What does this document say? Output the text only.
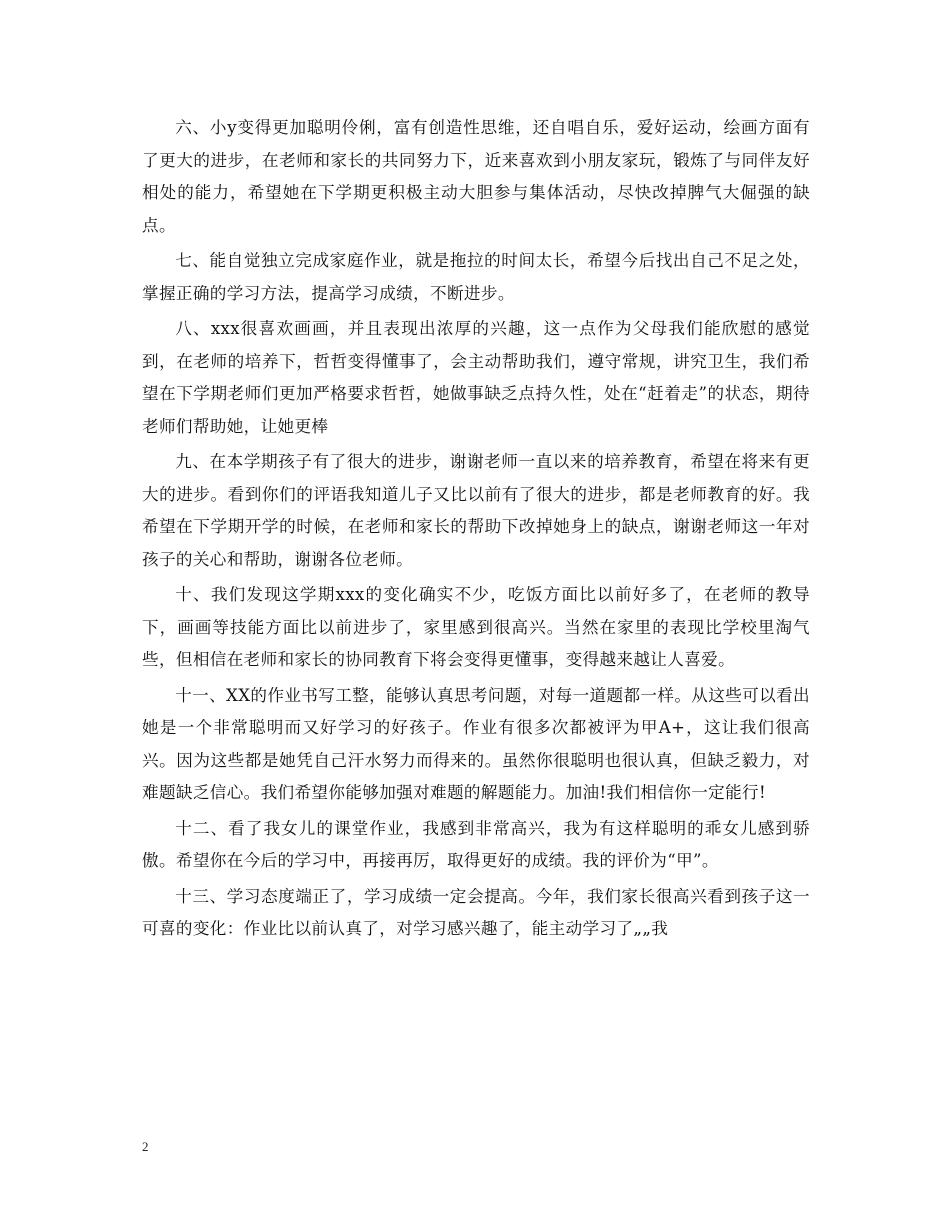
六、小y变得更加聪明伶俐，富有创造性思维，还自唱自乐，爱好运动，绘画方面有了更大的进步，在老师和家长的共同努力下，近来喜欢到小朋友家玩，锻炼了与同伴友好相处的能力，希望她在下学期更积极主动大胆参与集体活动，尽快改掉脾气大倔强的缺点。

七、能自觉独立完成家庭作业，就是拖拉的时间太长，希望今后找出自己不足之处，掌握正确的学习方法，提高学习成绩，不断进步。

八、xxx很喜欢画画，并且表现出浓厚的兴趣，这一点作为父母我们能欣慰的感觉到，在老师的培养下，哲哲变得懂事了，会主动帮助我们，遵守常规，讲究卫生，我们希望在下学期老师们更加严格要求哲哲，她做事缺乏点持久性，处在“赶着走”的状态，期待老师们帮助她，让她更棒

九、在本学期孩子有了很大的进步，谢谢老师一直以来的培养教育，希望在将来有更大的进步。看到你们的评语我知道儿子又比以前有了很大的进步，都是老师教育的好。我希望在下学期开学的时候，在老师和家长的帮助下改掉她身上的缺点，谢谢老师这一年对孩子的关心和帮助，谢谢各位老师。

十、我们发现这学期xxx的变化确实不少，吃饭方面比以前好多了，在老师的教导下，画画等技能方面比以前进步了，家里感到很高兴。当然在家里的表现比学校里淘气些，但相信在老师和家长的协同教育下将会变得更懂事，变得越来越让人喜爱。

十一、XX的作业书写工整，能够认真思考问题，对每一道题都一样。从这些可以看出她是一个非常聪明而又好学习的好孩子。作业有很多次都被评为甲A+，这让我们很高兴。因为这些都是她凭自己汗水努力而得来的。虽然你很聪明也很认真，但缺乏毅力，对难题缺乏信心。我们希望你能够加强对难题的解题能力。加油!我们相信你一定能行!

十二、看了我女儿的课堂作业，我感到非常高兴，我为有这样聪明的乖女儿感到骄傲。希望你在今后的学习中，再接再厉，取得更好的成绩。我的评价为“甲”。

十三、学习态度端正了，学习成绩一定会提高。今年，我们家长很高兴看到孩子这一可喜的变化：作业比以前认真了，对学习感兴趣了，能主动学习了„„我

2
